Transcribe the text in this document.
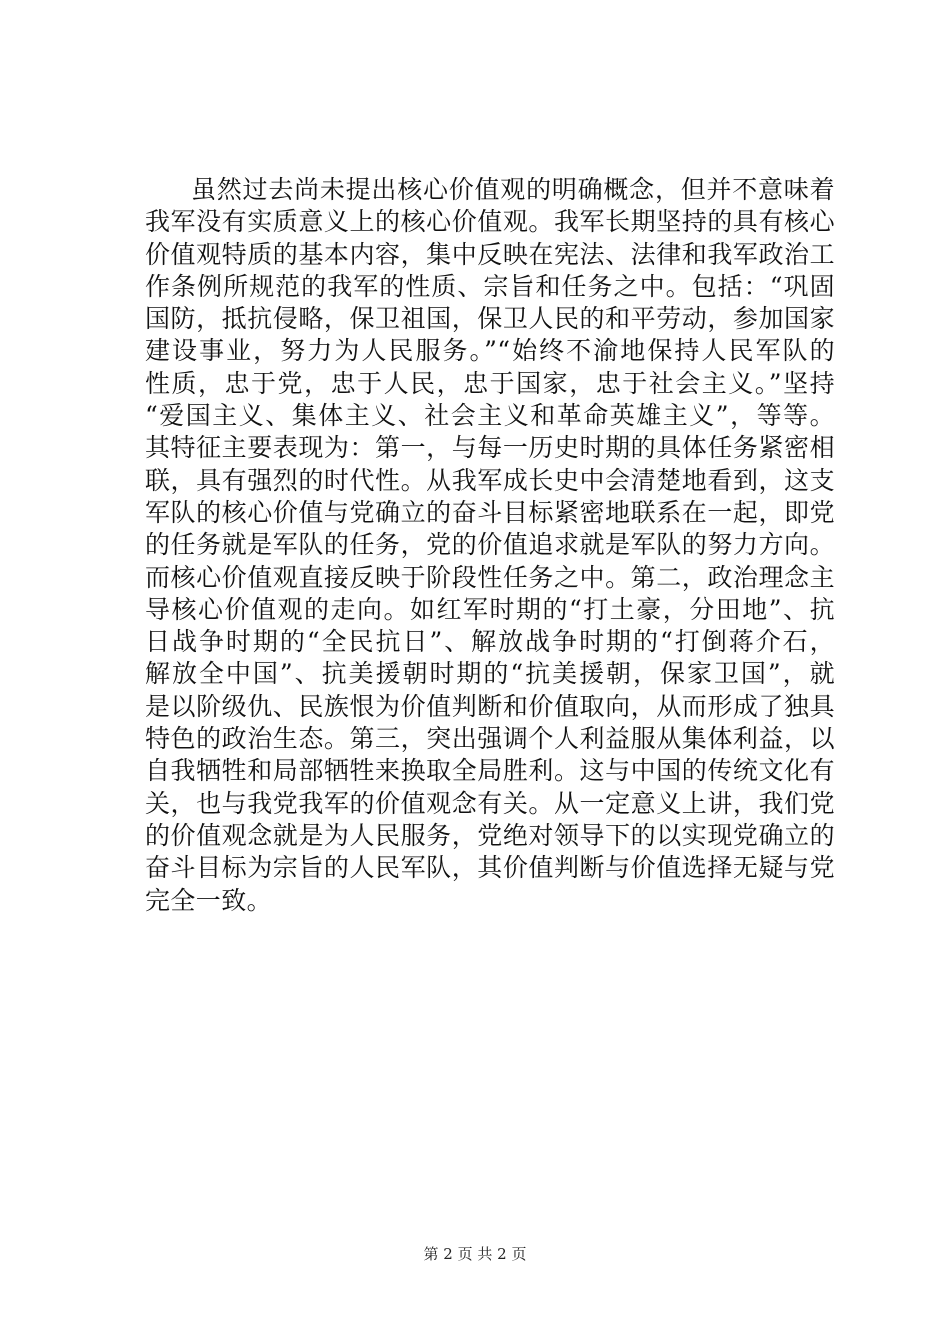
虽然过去尚未提出核心价值观的明确概念，但并不意味着
我军没有实质意义上的核心价值观。我军长期坚持的具有核心
价值观特质的基本内容，集中反映在宪法、法律和我军政治工
作条例所规范的我军的性质、宗旨和任务之中。包括：“巩固
国防，抵抗侵略，保卫祖国，保卫人民的和平劳动，参加国家
建设事业，努力为人民服务。”“始终不渝地保持人民军队的
性质，忠于党，忠于人民，忠于国家，忠于社会主义。”坚持
“爱国主义、集体主义、社会主义和革命英雄主义”，等等。
其特征主要表现为：第一，与每一历史时期的具体任务紧密相
联，具有强烈的时代性。从我军成长史中会清楚地看到，这支
军队的核心价值与党确立的奋斗目标紧密地联系在一起，即党
的任务就是军队的任务，党的价值追求就是军队的努力方向。
而核心价值观直接反映于阶段性任务之中。第二，政治理念主
导核心价值观的走向。如红军时期的“打土豪，分田地”、抗
日战争时期的“全民抗日”、解放战争时期的“打倒蒋介石，
解放全中国”、抗美援朝时期的“抗美援朝，保家卫国”，就
是以阶级仇、民族恨为价值判断和价值取向，从而形成了独具
特色的政治生态。第三，突出强调个人利益服从集体利益，以
自我牺牲和局部牺牲来换取全局胜利。这与中国的传统文化有
关，也与我党我军的价值观念有关。从一定意义上讲，我们党
的价值观念就是为人民服务，党绝对领导下的以实现党确立的
奋斗目标为宗旨的人民军队，其价值判断与价值选择无疑与党
完全一致。
第 2 页 共 2 页
